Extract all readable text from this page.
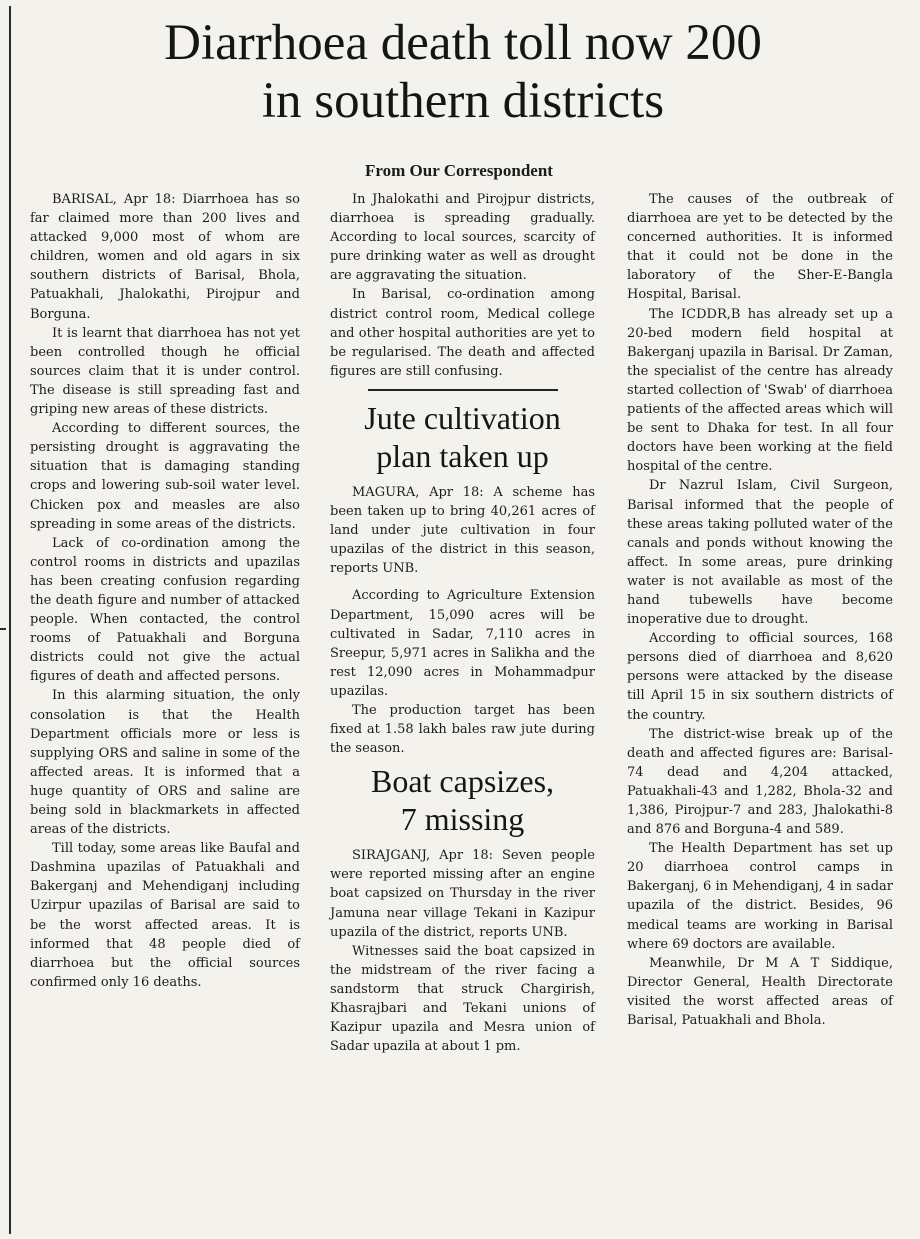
Diarrhoea death toll now 200
in southern districts
From Our Correspondent

BARISAL, Apr 18: Diarrhoea has so far claimed more than 200 lives and attacked 9,000 most of whom are children, women and old agars in six southern districts of Barisal, Bhola, Patuakhali, Jhalokathi, Pirojpur and Borguna.

It is learnt that diarrhoea has not yet been controlled though he official sources claim that it is under control. The disease is still spreading fast and griping new areas of these districts.

According to different sources, the persisting drought is aggravating the situation that is damaging standing crops and lowering sub-soil water level. Chicken pox and measles are also spreading in some areas of the districts.

Lack of co-ordination among the control rooms in districts and upazilas has been creating confusion regarding the death figure and number of attacked people. When contacted, the control rooms of Patuakhali and Borguna districts could not give the actual figures of death and affected persons.

In this alarming situation, the only consolation is that the Health Department officials more or less is supplying ORS and saline in some of the affected areas. It is informed that a huge quantity of ORS and saline are being sold in blackmarkets in affected areas of the districts.

Till today, some areas like Baufal and Dashmina upazilas of Patuakhali and Bakerganj and Mehendiganj including Uzirpur upazilas of Barisal are said to be the worst affected areas. It is informed that 48 people died of diarrhoea but the official sources confirmed only 16 deaths.

In Jhalokathi and Pirojpur districts, diarrhoea is spreading gradually. According to local sources, scarcity of pure drinking water as well as drought are aggravating the situation.

In Barisal, co-ordination among district control room, Medical college and other hospital authorities are yet to be regularised. The death and affected figures are still confusing.

Jute cultivation
plan taken up

MAGURA, Apr 18: A scheme has been taken up to bring 40,261 acres of land under jute cultivation in four upazilas of the district in this season, reports UNB.

According to Agriculture Extension Department, 15,090 acres will be cultivated in Sadar, 7,110 acres in Sreepur, 5,971 acres in Salikha and the rest 12,090 acres in Mohammadpur upazilas.

The production target has been fixed at 1.58 lakh bales raw jute during the season.

Boat capsizes,
7 missing

SIRAJGANJ, Apr 18: Seven people were reported missing after an engine boat capsized on Thursday in the river Jamuna near village Tekani in Kazipur upazila of the district, reports UNB.

Witnesses said the boat capsized in the midstream of the river facing a sandstorm that struck Chargirish, Khasrajbari and Tekani unions of Kazipur upazila and Mesra union of Sadar upazila at about 1 pm.

The causes of the outbreak of diarrhoea are yet to be detected by the concerned authorities. It is informed that it could not be done in the laboratory of the Sher-E-Bangla Hospital, Barisal.

The ICDDR,B has already set up a 20-bed modern field hospital at Bakerganj upazila in Barisal. Dr Zaman, the specialist of the centre has already started collection of 'Swab' of diarrhoea patients of the affected areas which will be sent to Dhaka for test. In all four doctors have been working at the field hospital of the centre.

Dr Nazrul Islam, Civil Surgeon, Barisal informed that the people of these areas taking polluted water of the canals and ponds without knowing the affect. In some areas, pure drinking water is not available as most of the hand tubewells have become inoperative due to drought.

According to official sources, 168 persons died of diarrhoea and 8,620 persons were attacked by the disease till April 15 in six southern districts of the country.

The district-wise break up of the death and affected figures are: Barisal-74 dead and 4,204 attacked, Patuakhali-43 and 1,282, Bhola-32 and 1,386, Pirojpur-7 and 283, Jhalokathi-8 and 876 and Borguna-4 and 589.

The Health Department has set up 20 diarrhoea control camps in Bakerganj, 6 in Mehendiganj, 4 in sadar upazila of the district. Besides, 96 medical teams are working in Barisal where 69 doctors are available.

Meanwhile, Dr M A T Siddique, Director General, Health Directorate visited the worst affected areas of Barisal, Patuakhali and Bhola.
